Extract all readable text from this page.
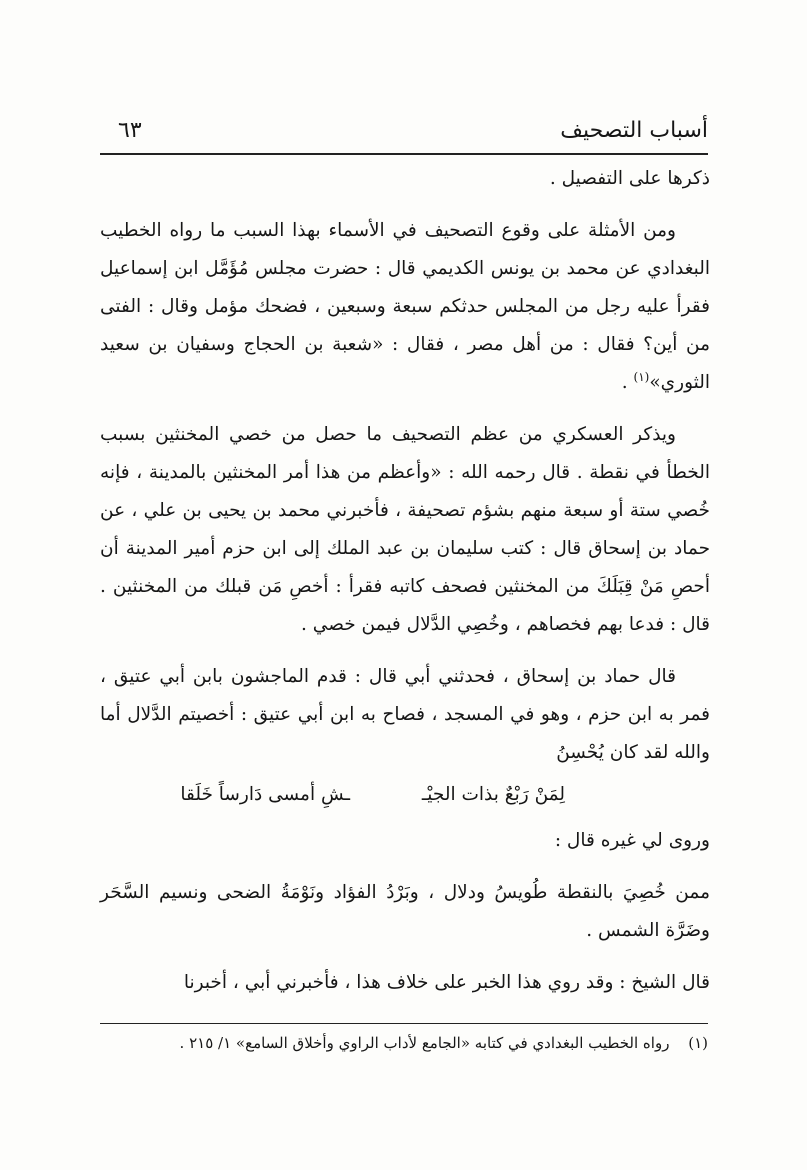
أسباب التصحيف
٦٣

ذكرها على التفصيل .

ومن الأمثلة على وقوع التصحيف في الأسماء بهذا السبب ما رواه الخطيب البغدادي عن محمد بن يونس الكديمي قال : حضرت مجلس مُؤَمَّل ابن إسماعيل فقرأ عليه رجل من المجلس حدثكم سبعة وسبعين ، فضحك مؤمل وقال : الفتى من أين؟ فقال : من أهل مصر ، فقال : «شعبة بن الحجاج وسفيان بن سعيد الثوري»$^{(١)}$ .

ويذكر العسكري من عظم التصحيف ما حصل من خصي المخنثين بسبب الخطأ في نقطة . قال رحمه الله : «وأعظم من هذا أمر المخنثين بالمدينة ، فإنه خُصي ستة أو سبعة منهم بشؤم تصحيفة ، فأخبرني محمد بن يحيى بن علي ، عن حماد بن إسحاق قال : كتب سليمان بن عبد الملك إلى ابن حزم أمير المدينة أن أحصِ مَنْ قِبَلَكَ من المخنثين فصحف كاتبه فقرأ : أخصِ مَن قبلك من المخنثين . قال : فدعا بهم فخصاهم ، وخُصِي الدَّلال فيمن خصي .

قال حماد بن إسحاق ، فحدثني أبي قال : قدم الماجشون بابن أبي عتيق ، فمر به ابن حزم ، وهو في المسجد ، فصاح به ابن أبي عتيق : أخصيتم الدَّلال أما والله لقد كان يُحْسِنُ

لِمَنْ رَبْعٌ بذات الجيْـ
ـشِ أمسى دَارساً خَلَقا

وروى لي غيره قال :

ممن خُصِيَ بالنقطة طُويسُ ودلال ، وبَرْدُ الفؤاد ونَوْمَةُ الضحى ونسيم السَّحَر وضَرَّة الشمس .

قال الشيخ : وقد روي هذا الخبر على خلاف هذا ، فأخبرني أبي ، أخبرنا

(١) رواه الخطيب البغدادي في كتابه «الجامع لأداب الراوي وأخلاق السامع» ١/ ٢١٥ .
